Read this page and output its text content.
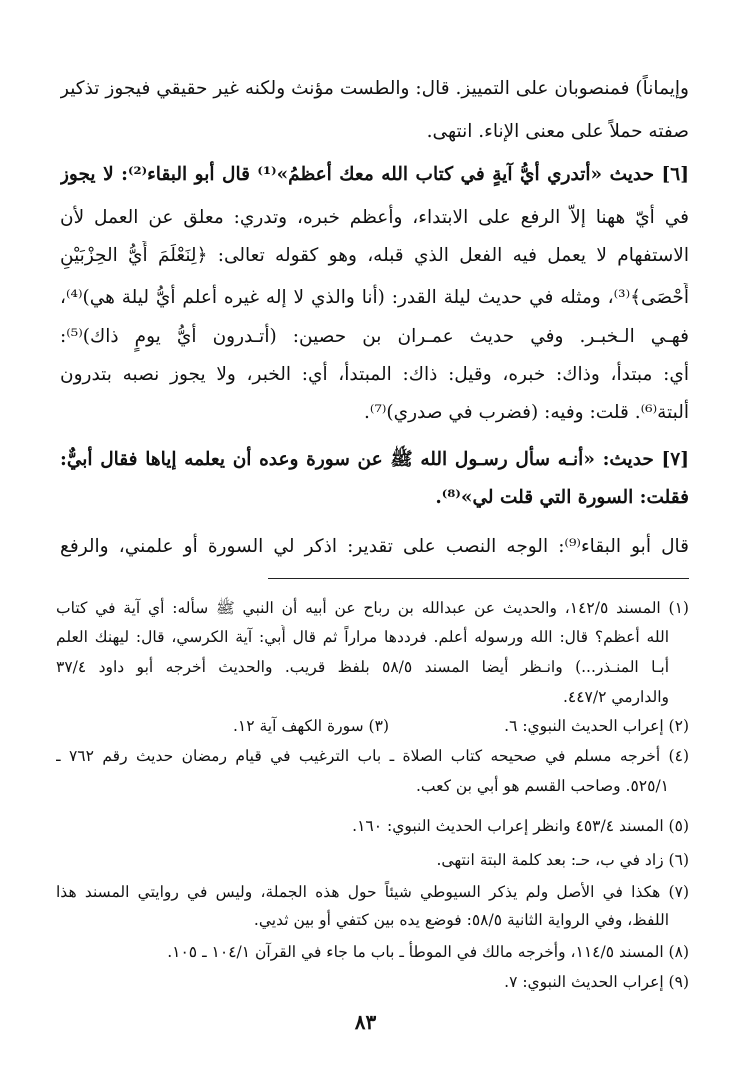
وإيماناً) فمنصوبان على التمييز. قال: والطست مؤنث ولكنه غير حقيقي فيجوز تذكير
صفته حملاً على معنى الإناء. انتهى.
[٦] حديث «أتدري أيُّ آيةٍ في كتاب الله معك أعظمُ»⁽¹⁾ قال أبو البقاء⁽²⁾: لا يجوز
في أيّ ههنا إلاّ الرفع على الابتداء، وأعظم خبره، وتدري: معلق عن العمل لأن
الاستفهام لا يعمل فيه الفعل الذي قبله، وهو كقوله تعالى: ﴿لِنَعْلَمَ أَيُّ الحِزْبَيْنِ
أَحْصَى﴾⁽³⁾، ومثله في حديث ليلة القدر: (أنا والذي لا إله غيره أعلم أيُّ ليلة هي)⁽⁴⁾،
فهـي الـخبـر. وفي حديث عمـران بن حصين: (أتـدرون أيُّ يومٍ ذاك)⁽⁵⁾:
أي: مبتدأ، وذاك: خبره، وقيل: ذاك: المبتدأ، أي: الخبر، ولا يجوز نصبه بتدرون
ألبتة⁽⁶⁾. قلت: وفيه: (فضرب في صدري)⁽⁷⁾.
[٧] حديث: «أنـه سأل رسـول الله ﷺ عن سورة وعده أن يعلمه إياها فقال أبيٌّ:
فقلت: السورة التي قلت لي»⁽⁸⁾.
قال أبو البقاء⁽⁹⁾: الوجه النصب على تقدير: اذكر لي السورة أو علمني، والرفع
(١) المسند ١٤٢/٥، والحديث عن عبدالله بن رباح عن أبيه أن النبي ﷺ سأله: أي آية في كتاب
الله أعظم؟ قال: الله ورسوله أعلم. فرددها مراراً ثم قال أُبي: آية الكرسي، قال: ليهنك العلم
أبـا المنـذر...) وانـظر أيضا المسند ٥٨/٥ بلفظ قريب. والحديث أخرجه أبو داود ٣٧/٤
والدارمي ٤٤٧/٢.
(٢) إعراب الحديث النبوي: ٦.(٣) سورة الكهف آية ١٢.
(٤) أخرجه مسلم في صحيحه كتاب الصلاة ـ باب الترغيب في قيام رمضان حديث رقم ٧٦٢ ـ
٥٢٥/١. وصاحب القسم هو أبي بن كعب.
(٥) المسند ٤٥٣/٤ وانظر إعراب الحديث النبوي: ١٦٠.
(٦) زاد في ب، حـ: بعد كلمة البتة انتهى.
(٧) هكذا في الأصل ولم يذكر السيوطي شيئاً حول هذه الجملة، وليس في روايتي المسند هذا
اللفظ، وفي الرواية الثانية ٥٨/٥: فوضع يده بين كتفي أو بين ثديي.
(٨) المسند ١١٤/٥، وأخرجه مالك في الموطأ ـ باب ما جاء في القرآن ١٠٤/١ ـ ١٠٥.
(٩) إعراب الحديث النبوي: ٧.
٨٣
